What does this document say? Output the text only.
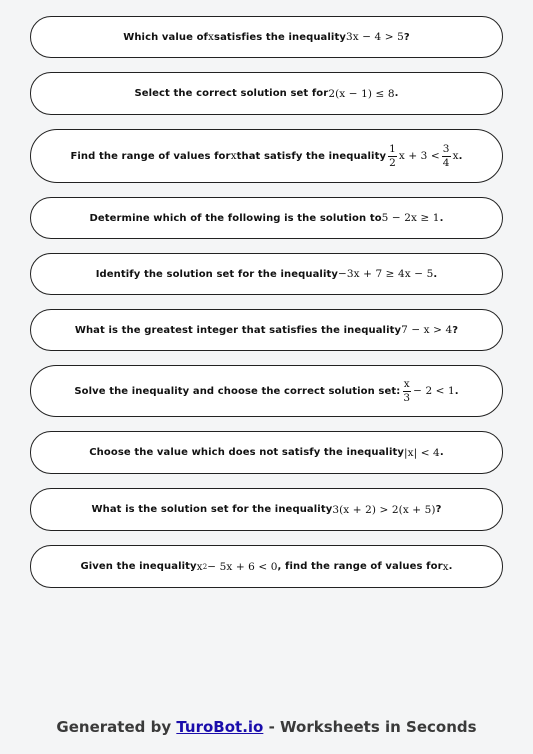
Which value of x satisfies the inequality 3x − 4 > 5 ?
Select the correct solution set for 2(x − 1) ≤ 8 .
Find the range of values for x that satisfy the inequality $\frac{1}{2}$ $x + 3 < \frac{3}{4}$ x .
Determine which of the following is the solution to 5 − 2x ≥ 1 .
Identify the solution set for the inequality −3x + 7 ≥ 4x − 5 .
What is the greatest integer that satisfies the inequality 7 − x > 4 ?
Solve the inequality and choose the correct solution set: $\frac{x}{3} - 2 < 1$ .
Choose the value which does not satisfy the inequality |x| < 4 .
What is the solution set for the inequality 3(x + 2) > 2(x + 5) ?
Given the inequality x 2 − 5x + 6 < 0 , find the range of values for x .
Generated by TuroBot.io - Worksheets in Seconds
